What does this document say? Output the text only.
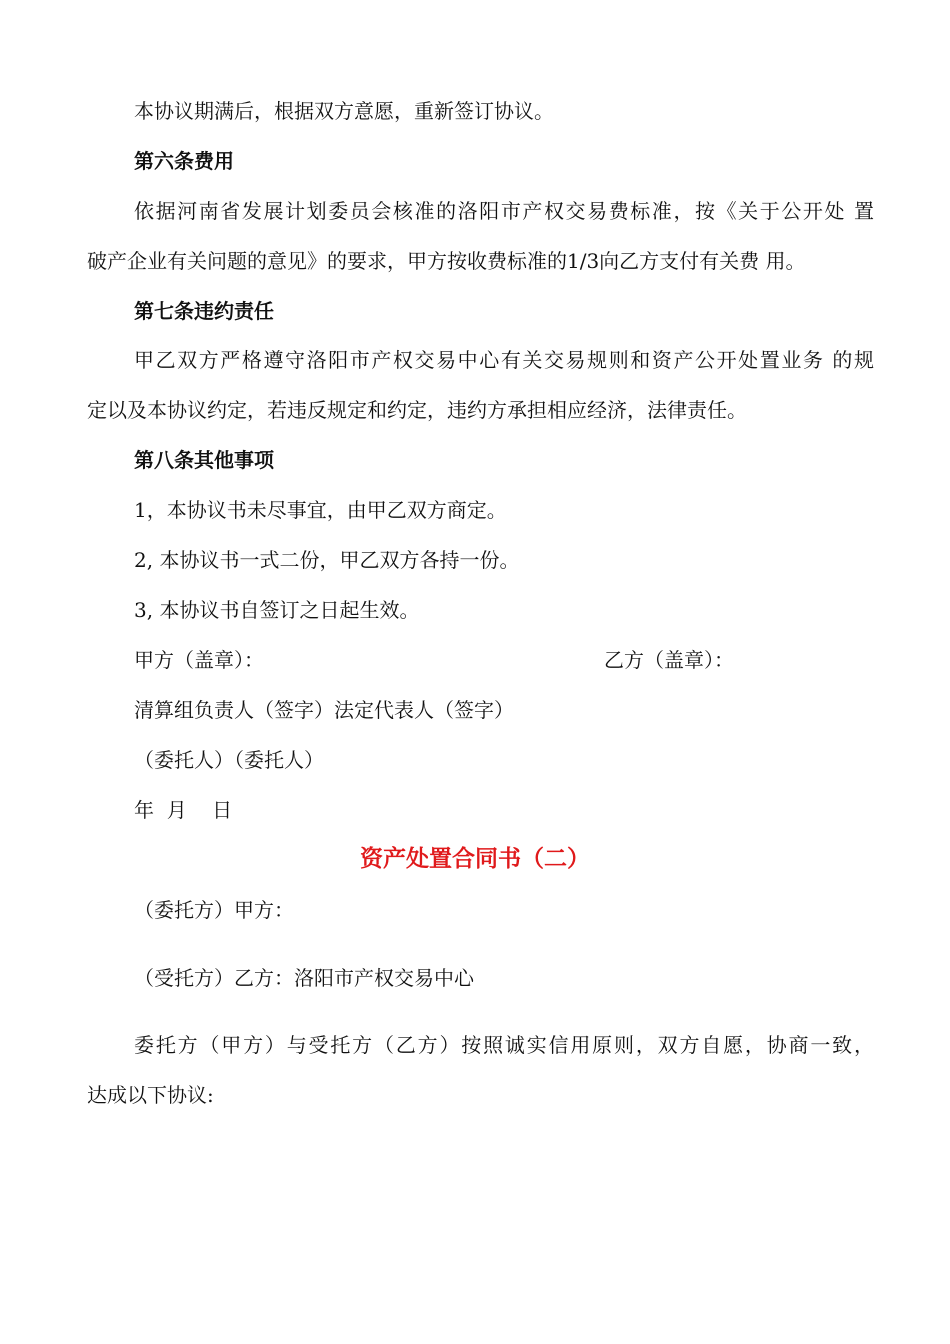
本协议期满后，根据双方意愿，重新签订协议。
第六条费用
依据河南省发展计划委员会核准的洛阳市产权交易费标准，按《关于公开处 置
破产企业有关问题的意见》的要求，甲方按收费标准的1/3向乙方支付有关费 用。
第七条违约责任
甲乙双方严格遵守洛阳市产权交易中心有关交易规则和资产公开处置业务 的规
定以及本协议约定，若违反规定和约定，违约方承担相应经济，法律责任。
第八条其他事项
1，本协议书未尽事宜，由甲乙双方商定。
2, 本协议书一式二份，甲乙双方各持一份。
3, 本协议书自签订之日起生效。
甲方（盖章）：	乙方（盖章）：
清算组负责人（签字）法定代表人（签字）
（委托人）（委托人）
年  月    日
资产处置合同书（二）
（委托方）甲方：
（受托方）乙方：洛阳市产权交易中心
委托方（甲方）与受托方（乙方）按照诚实信用原则，双方自愿，协商一致，
达成以下协议:
